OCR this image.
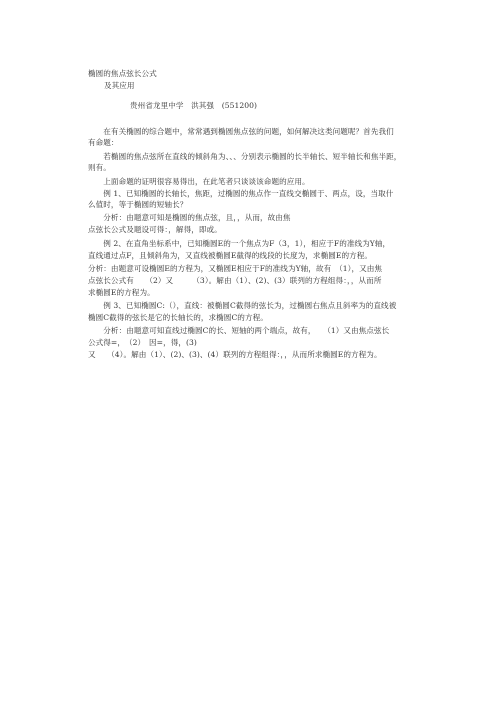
椭圆的焦点弦长公式
及其应用
贵州省龙里中学　洪其强　(551200)
　　在有关椭圆的综合题中，常常遇到椭圆焦点弦的问题，如何解决这类问题呢？首先我们
有命题：
　　若椭圆的焦点弦所在直线的倾斜角为、、、分别表示椭圆的长半轴长、短半轴长和焦半距，
则有。
　　上面命题的证明很容易得出，在此笔者只谈谈该命题的应用。
　　例 1、已知椭圆的长轴长，焦距，过椭圆的焦点作一直线交椭圆于、两点，设，当取什
么值时，等于椭圆的短轴长？
　　分析：由题意可知是椭圆的焦点弦，且，，从而，故由焦
点弦长公式及题设可得：，解得，即或。
　　例 2、在直角坐标系中，已知椭圆E的一个焦点为F（3，1），相应于F的准线为Y轴，
直线通过点F，且倾斜角为，又直线被椭圆E截得的线段的长度为，求椭圆E的方程。
分析：由题意可设椭圆E的方程为，又椭圆E相应于F的准线为Y轴，故有　（1），又由焦
点弦长公式有　　（2）又　　　（3）。解由（1）、(2)、(3）联列的方程组得：，，从而所
求椭圆E的方程为。
　　例 3、已知椭圆C:（），直线：被椭圆C截得的弦长为，过椭圆右焦点且斜率为的直线被
椭圆C截得的弦长是它的长轴长的，求椭圆C的方程。
　　分析：由题意可知直线过椭圆C的长、短轴的两个端点，故有，　　（1）又由焦点弦长
公式得=，　（2）　因=，得，(3)
又　　（4）。解由（1）、(2)、(3)、(4）联列的方程组得：，，从而所求椭圆E的方程为。
